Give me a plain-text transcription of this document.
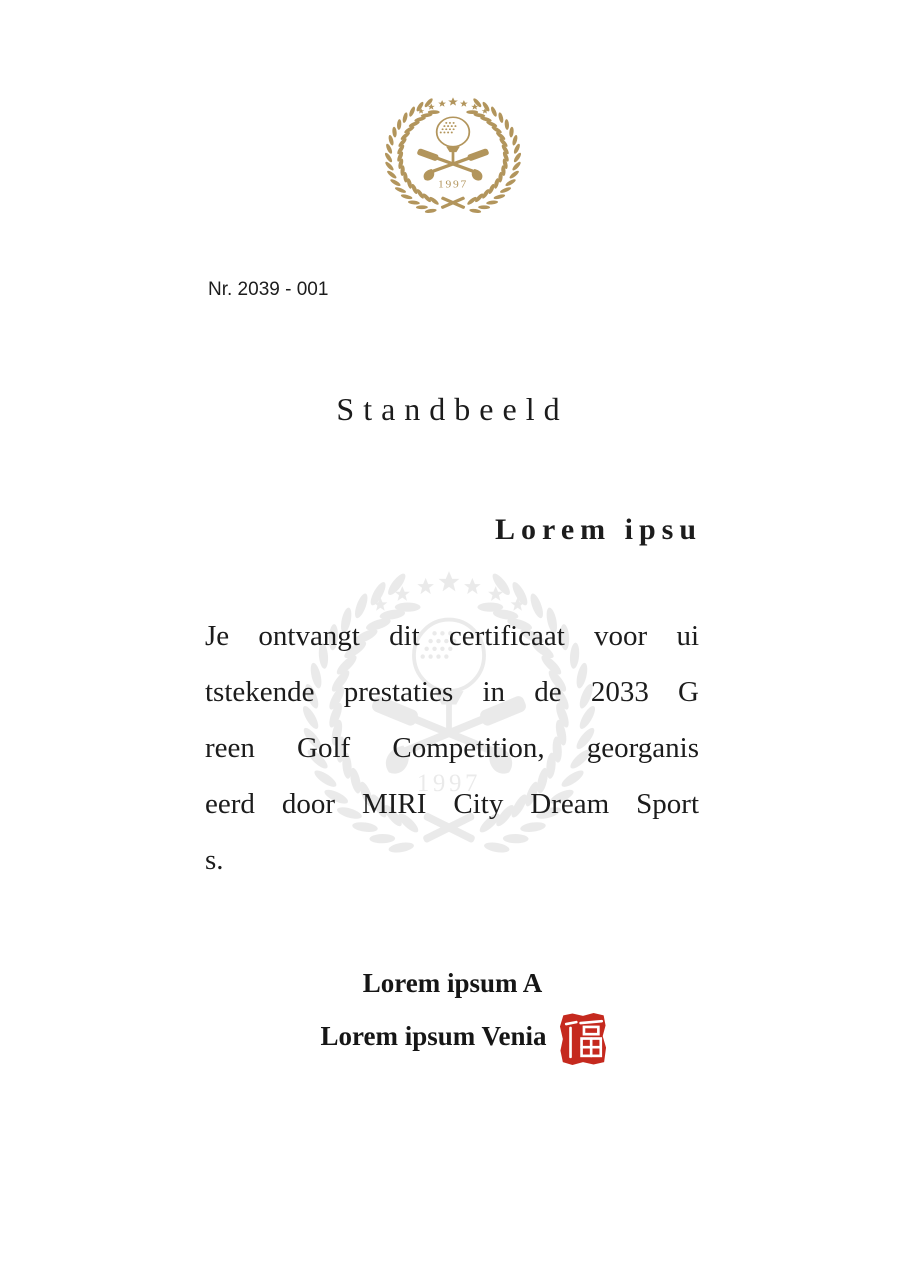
Nr. 2039 - 001
Standbeeld
Lorem ipsu
Je ontvangt dit certificaat voor ui
tstekende prestaties in de 2033 G
reen Golf Competition, georganis
eerd door MIRI City Dream Sport
s.
Lorem ipsum A
Lorem ipsum Venia
